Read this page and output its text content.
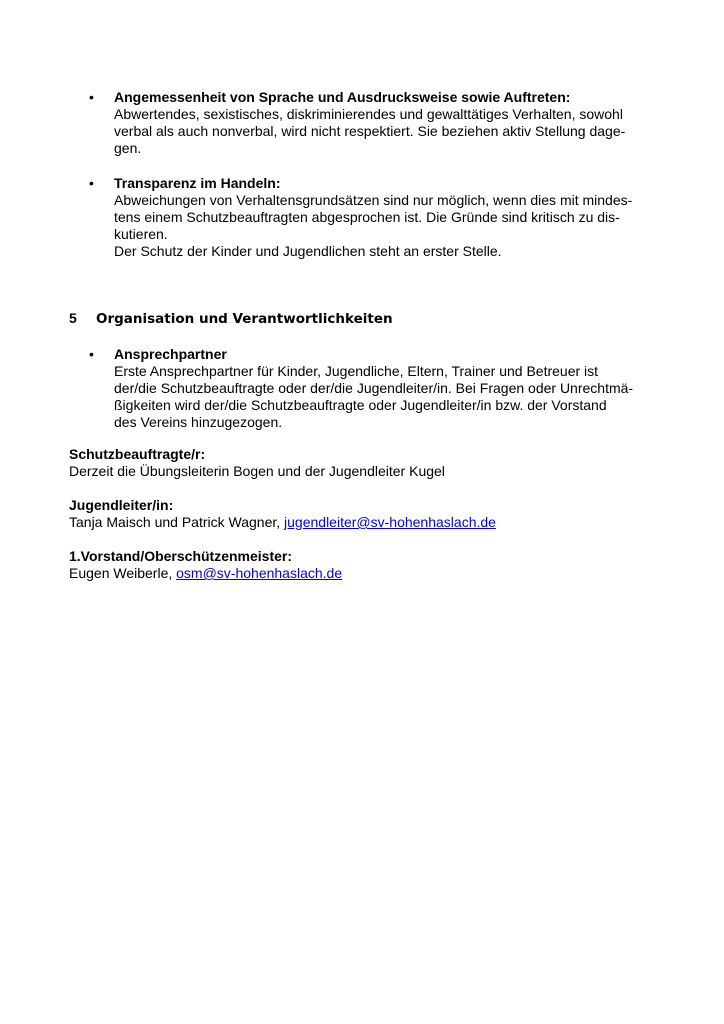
•	Angemessenheit von Sprache und Ausdrucksweise sowie Auftreten:

Abwertendes, sexistisches, diskriminierendes und gewalttätiges Verhalten, sowohl

verbal als auch nonverbal, wird nicht respektiert. Sie beziehen aktiv Stellung dage-

gen.

•	Transparenz im Handeln:

Abweichungen von Verhaltensgrundsätzen sind nur möglich, wenn dies mit mindes-

tens einem Schutzbeauftragten abgesprochen ist. Die Gründe sind kritisch zu dis-

kutieren.

Der Schutz der Kinder und Jugendlichen steht an erster Stelle.

5 Organisation und Verantwortlichkeiten
•	Ansprechpartner

Erste Ansprechpartner für Kinder, Jugendliche, Eltern, Trainer und Betreuer ist

der/die Schutzbeauftragte oder der/die Jugendleiter/in. Bei Fragen oder Unrechtmä-

ßigkeiten wird der/die Schutzbeauftragte oder Jugendleiter/in bzw. der Vorstand

des Vereins hinzugezogen.

Schutzbeauftragte/r:

Derzeit die Übungsleiterin Bogen und der Jugendleiter Kugel

Jugendleiter/in:

Tanja Maisch und Patrick Wagner, jugendleiter@sv-hohenhaslach.de

1.Vorstand/Oberschützenmeister:

Eugen Weiberle, osm@sv-hohenhaslach.de
